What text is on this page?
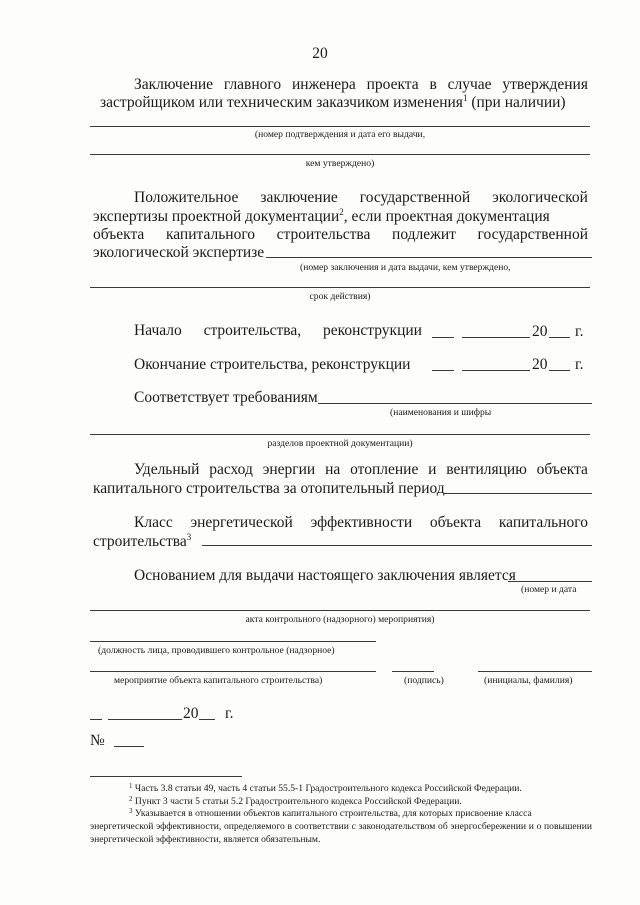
20
Заключение главного инженера проекта в случае утверждения
застройщиком или техническим заказчиком изменения$^1$ (при наличии)
(номер подтверждения и дата его выдачи,
кем утверждено)
Положительное заключение государственной экологической
экспертизы проектной документации$^2$, если проектная документация
объекта капитального строительства подлежит государственной
экологической экспертизе
(номер заключения и дата выдачи, кем утверждено,
срок действия)
Начало строительства, реконструкции	20 г.
Окончание строительства, реконструкции	20 г.
Соответствует требованиям
(наименования и шифры
разделов проектной документации)
Удельный расход энергии на отопление и вентиляцию объекта
капитального строительства за отопительный период
Класс энергетической эффективности объекта капитального
строительства$^3$
Основанием для выдачи настоящего заключения является
(номер и дата
акта контрольного (надзорного) мероприятия)
(должность лица, проводившего контрольное (надзорное)
мероприятие объекта капитального строительства)	(подпись)	(инициалы, фамилия)
20 г.
№
$^1$ Часть 3.8 статьи 49, часть 4 статьи 55.5-1 Градостроительного кодекса Российской Федерации.
$^2$ Пункт 3 части 5 статьи 5.2 Градостроительного кодекса Российской Федерации.
$^3$ Указывается в отношении объектов капитального строительства, для которых присвоение класса
энергетической эффективности, определяемого в соответствии с законодательством об энергосбережении и о повышении энергетической эффективности, является обязательным.
